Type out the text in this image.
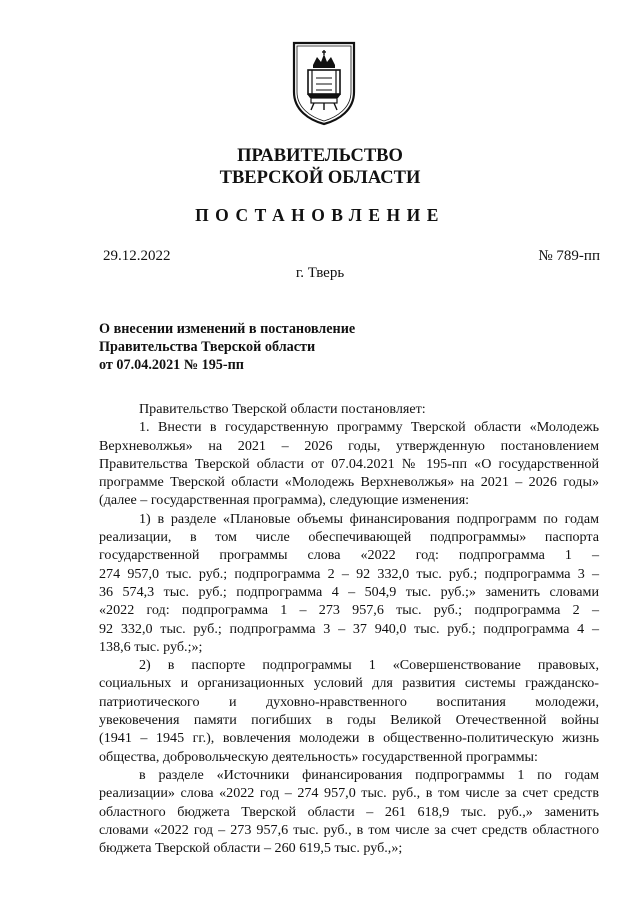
ПРАВИТЕЛЬСТВО
ТВЕРСКОЙ ОБЛАСТИ
ПОСТАНОВЛЕНИЕ
29.12.2022	№ 789-пп
г. Тверь
О внесении изменений в постановление
Правительства Тверской области
от 07.04.2021 № 195-пп
Правительство Тверской области постановляет:
1. Внести в государственную программу Тверской области «Молодежь
Верхневолжья» на 2021 – 2026 годы, утвержденную постановлением
Правительства Тверской области от 07.04.2021 № 195-пп «О государственной
программе Тверской области «Молодежь Верхневолжья» на 2021 – 2026 годы»
(далее – государственная программа), следующие изменения:
1) в разделе «Плановые объемы финансирования подпрограмм по годам
реализации, в том числе обеспечивающей подпрограммы» паспорта
государственной программы слова «2022 год: подпрограмма 1 –
274 957,0 тыс. руб.; подпрограмма 2 – 92 332,0 тыс. руб.; подпрограмма 3 –
36 574,3 тыс. руб.; подпрограмма 4 – 504,9 тыс. руб.;» заменить словами
«2022 год: подпрограмма 1 – 273 957,6 тыс. руб.; подпрограмма 2 –
92 332,0 тыс. руб.; подпрограмма 3 – 37 940,0 тыс. руб.; подпрограмма 4 –
138,6 тыс. руб.;»;
2) в паспорте подпрограммы 1 «Совершенствование правовых,
социальных и организационных условий для развития системы гражданско-
патриотического и духовно-нравственного воспитания молодежи,
увековечения памяти погибших в годы Великой Отечественной войны
(1941 – 1945 гг.), вовлечения молодежи в общественно-политическую жизнь
общества, добровольческую деятельность» государственной программы:
в разделе «Источники финансирования подпрограммы 1 по годам
реализации» слова «2022 год – 274 957,0 тыс. руб., в том числе за счет средств
областного бюджета Тверской области – 261 618,9 тыс. руб.,» заменить
словами «2022 год – 273 957,6 тыс. руб., в том числе за счет средств областного
бюджета Тверской области – 260 619,5 тыс. руб.,»;
